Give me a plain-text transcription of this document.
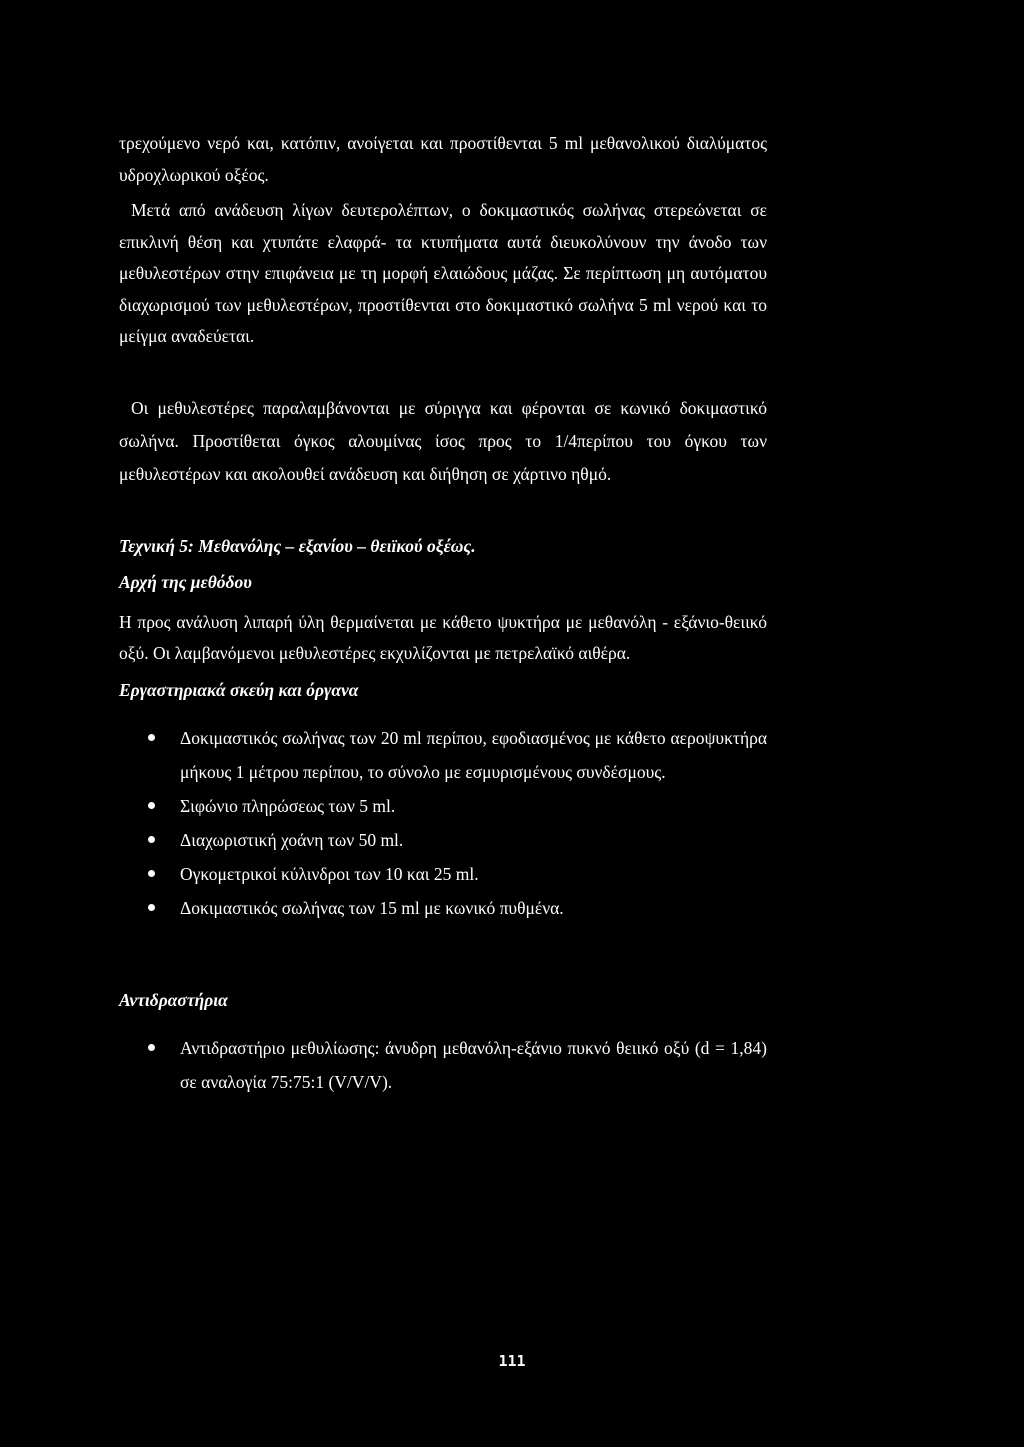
τρεχούμενο νερό και, κατόπιν, ανοίγεται και προστίθενται 5 ml μεθανολικού διαλύματος υδροχλωρικού οξέος.

Μετά από ανάδευση λίγων δευτερολέπτων, ο δοκιμαστικός σωλήνας στερεώνεται σε επικλινή θέση και χτυπάτε ελαφρά- τα κτυπήματα αυτά διευκολύνουν την άνοδο των μεθυλεστέρων στην επιφάνεια με τη μορφή ελαιώδους μάζας. Σε περίπτωση μη αυτόματου διαχωρισμού των μεθυλεστέρων, προστίθενται στο δοκιμαστικό σωλήνα 5 ml νερού και το μείγμα αναδεύεται.

Οι μεθυλεστέρες παραλαμβάνονται με σύριγγα και φέρονται σε κωνικό δοκιμαστικό σωλήνα. Προστίθεται όγκος αλουμίνας ίσος προς το 1/4περίπου του όγκου των μεθυλεστέρων και ακολουθεί ανάδευση και διήθηση σε χάρτινο ηθμό.

Τεχνική 5: Μεθανόλης – εξανίου – θειϊκού οξέως.

Αρχή της μεθόδου

Η προς ανάλυση λιπαρή ύλη θερμαίνεται με κάθετο ψυκτήρα με μεθανόλη - εξάνιο-θειικό οξύ. Οι λαμβανόμενοι μεθυλεστέρες εκχυλίζονται με πετρελαϊκό αιθέρα.

Εργαστηριακά σκεύη και όργανα

Δοκιμαστικός σωλήνας των 20 ml περίπου, εφοδιασμένος με κάθετο αεροψυκτήρα μήκους 1 μέτρου περίπου, το σύνολο με εσμυρισμένους συνδέσμους.
Σιφώνιο πληρώσεως των 5 ml.
Διαχωριστική χοάνη των 50 ml.
Ογκομετρικοί κύλινδροι των 10 και 25 ml.
Δοκιμαστικός σωλήνας των 15 ml με κωνικό πυθμένα.

Αντιδραστήρια

Αντιδραστήριο μεθυλίωσης: άνυδρη μεθανόλη-εξάνιο πυκνό θειικό οξύ (d = 1,84) σε αναλογία 75:75:1 (V/V/V).
111
